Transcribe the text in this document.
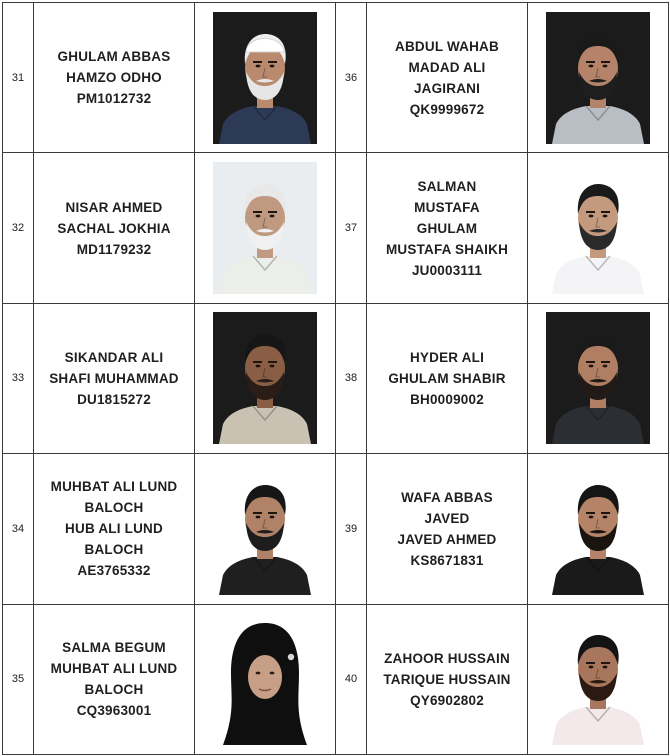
31	GHULAM ABBAS
HAMZO ODHO
PM1012732		36	ABDUL WAHAB
MADAD ALI
JAGIRANI
QK9999672

32	NISAR AHMED
SACHAL JOKHIA
MD1179232		37	SALMAN
MUSTAFA
GHULAM
MUSTAFA SHAIKH
JU0003111

33	SIKANDAR ALI
SHAFI MUHAMMAD
DU1815272		38	HYDER ALI
GHULAM SHABIR
BH0009002

34	MUHBAT ALI LUND
BALOCH
HUB ALI LUND
BALOCH
AE3765332		39	WAFA ABBAS
JAVED
JAVED AHMED
KS8671831

35	SALMA BEGUM
MUHBAT ALI LUND
BALOCH
CQ3963001		40	ZAHOOR HUSSAIN
TARIQUE HUSSAIN
QY6902802
